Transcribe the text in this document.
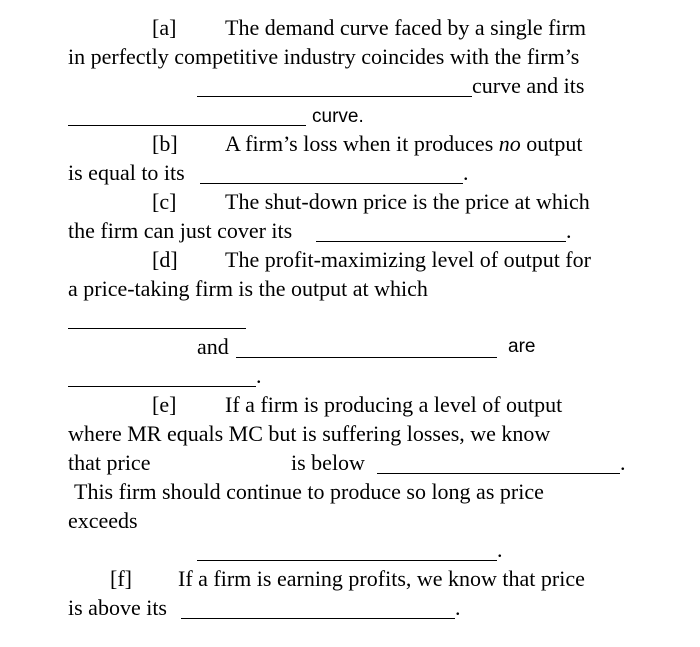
[a] The demand curve faced by a single firm
in perfectly competitive industry coincides with the firm’s
curve and its
curve.
[b] A firm’s loss when it produces no output
is equal to its	.
[c] The shut-down price is the price at which
the firm can just cover its	.
[d] The profit-maximizing level of output for
a price-taking firm is the output at which
and	are
.
[e] If a firm is producing a level of output
where MR equals MC but is suffering losses, we know
that price	is below	.
This firm should continue to produce so long as price
exceeds
.
[f] If a firm is earning profits, we know that price
is above its	.
